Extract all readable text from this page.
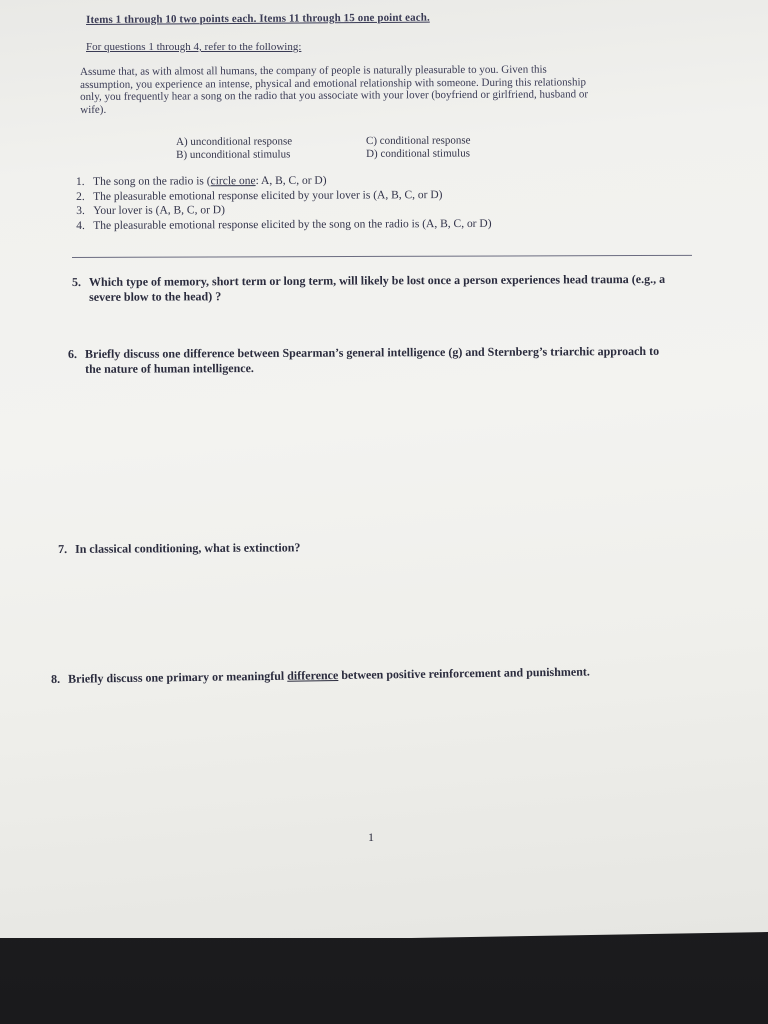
Items 1 through 10 two points each. Items 11 through 15 one point each.
For questions 1 through 4, refer to the following:
Assume that, as with almost all humans, the company of people is naturally pleasurable to you. Given this
assumption, you experience an intense, physical and emotional relationship with someone. During this relationship
only, you frequently hear a song on the radio that you associate with your lover (boyfriend or girlfriend, husband or
wife).
A) unconditional response	C) conditional response
B) unconditional stimulus	D) conditional stimulus
1. The song on the radio is (circle one: A, B, C, or D)
2. The pleasurable emotional response elicited by your lover is (A, B, C, or D)
3. Your lover is (A, B, C, or D)
4. The pleasurable emotional response elicited by the song on the radio is (A, B, C, or D)
5. Which type of memory, short term or long term, will likely be lost once a person experiences head trauma (e.g., a
severe blow to the head) ?
6. Briefly discuss one difference between Spearman’s general intelligence (g) and Sternberg’s triarchic approach to
the nature of human intelligence.
7. In classical conditioning, what is extinction?
8. Briefly discuss one primary or meaningful difference between positive reinforcement and punishment.
1
